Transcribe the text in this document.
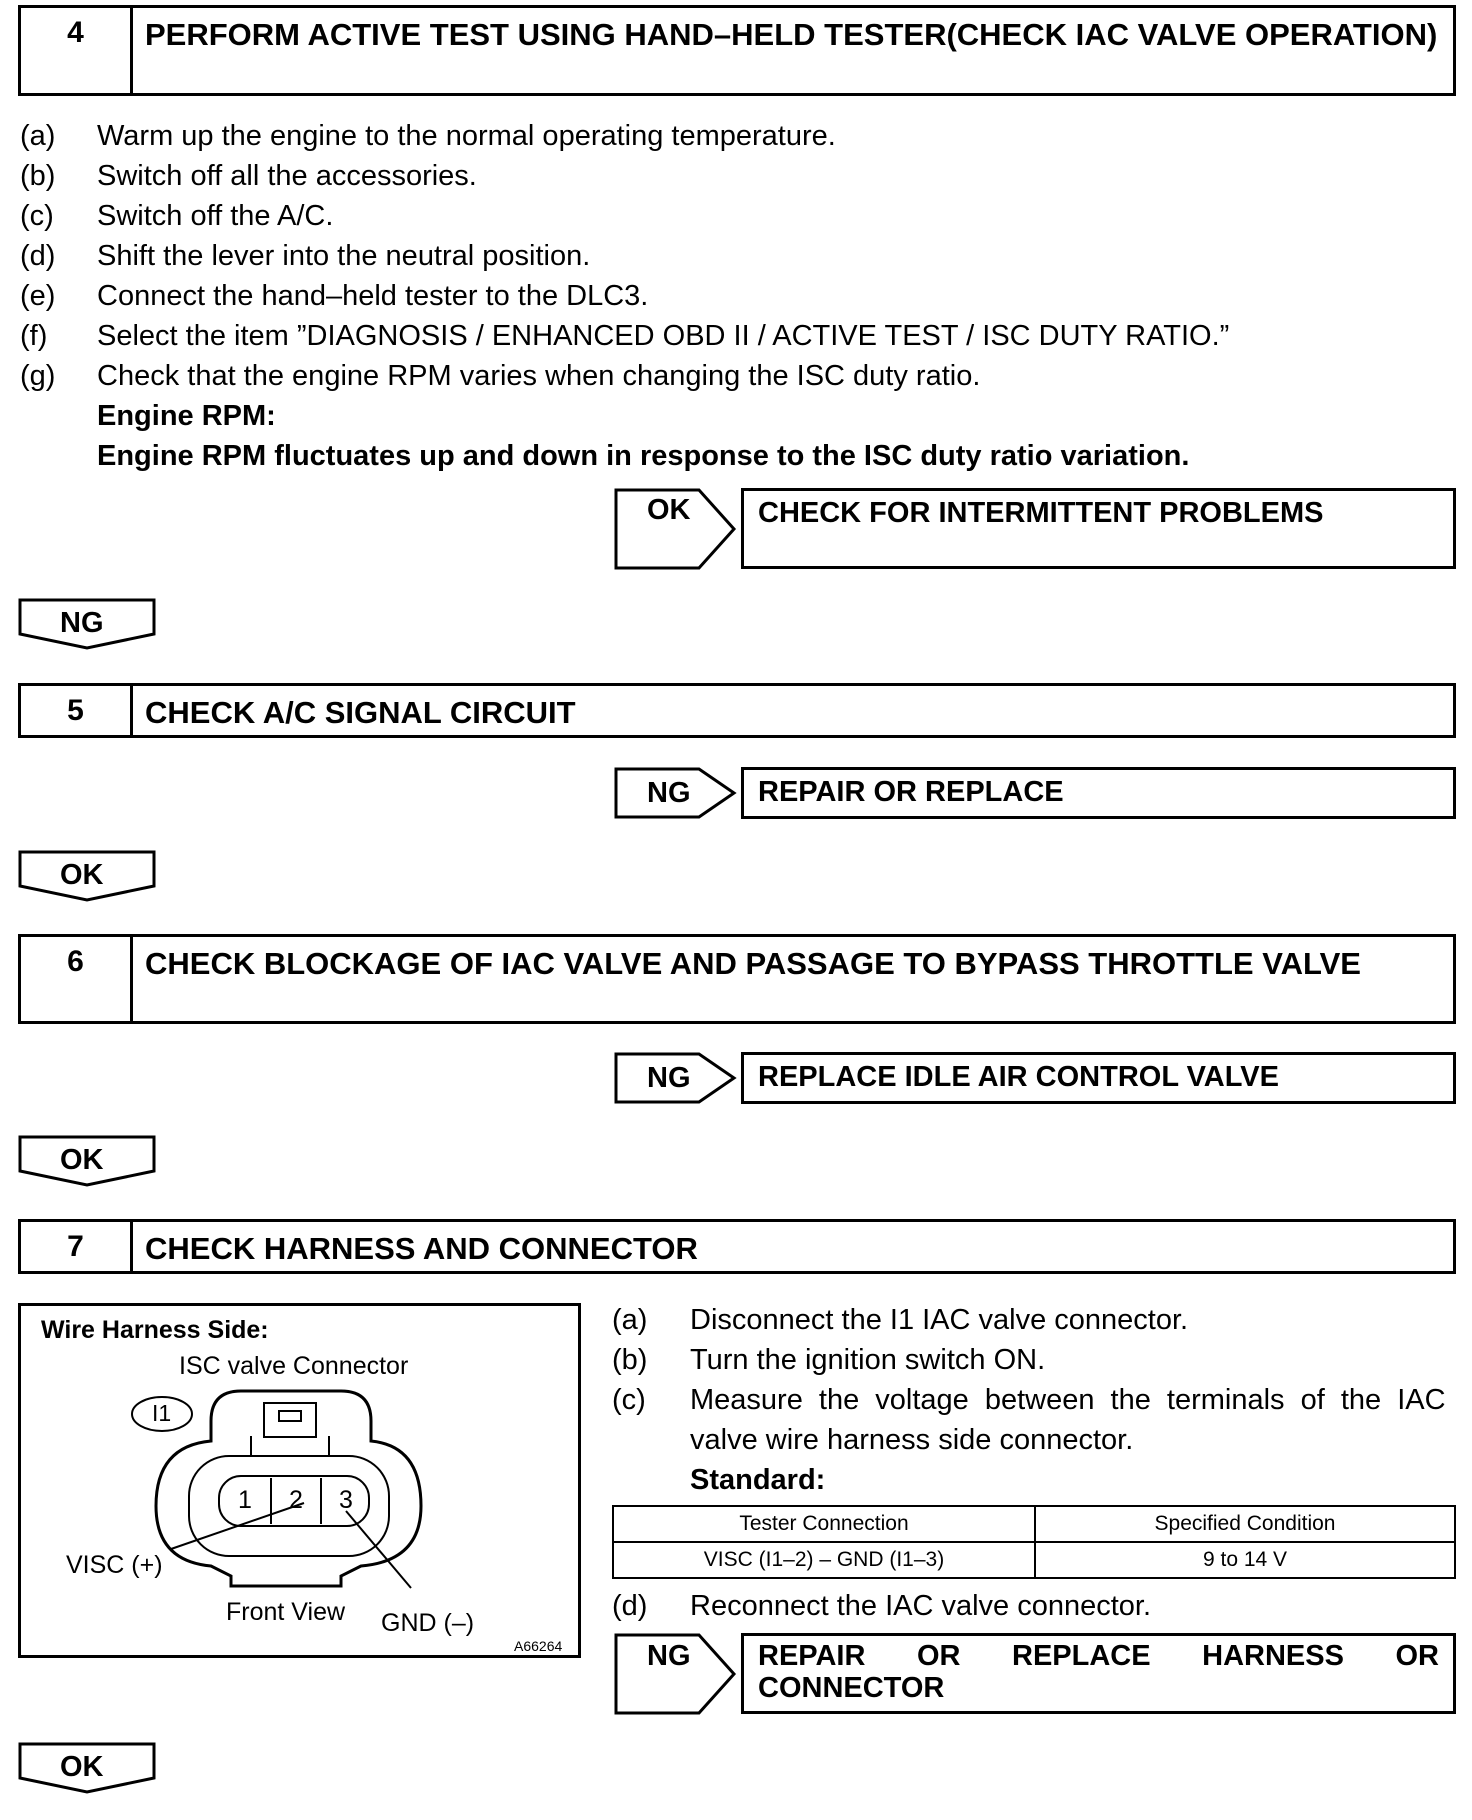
4	PERFORM ACTIVE TEST USING HAND–HELD TESTER(CHECK IAC VALVE OPERATION)
(a) Warm up the engine to the normal operating temperature.
(b) Switch off all the accessories.
(c) Switch off the A/C.
(d) Shift the lever into the neutral position.
(e) Connect the hand–held tester to the DLC3.
(f) Select the item ”DIAGNOSIS / ENHANCED OBD II / ACTIVE TEST / ISC DUTY RATIO.”
(g) Check that the engine RPM varies when changing the ISC duty ratio.
Engine RPM:
Engine RPM fluctuates up and down in response to the ISC duty ratio variation.
OK	CHECK FOR INTERMITTENT PROBLEMS
NG
5	CHECK A/C SIGNAL CIRCUIT
NG	REPAIR OR REPLACE
OK
6	CHECK BLOCKAGE OF IAC VALVE AND PASSAGE TO BYPASS THROTTLE VALVE
NG	REPLACE IDLE AIR CONTROL VALVE
OK
7	CHECK HARNESS AND CONNECTOR
Wire Harness Side:
ISC valve Connector
I1
1 2 3
VISC (+)
Front View GND (–)
A66264
(a) Disconnect the I1 IAC valve connector.
(b) Turn the ignition switch ON.
(c) Measure the voltage between the terminals of the IAC
valve wire harness side connector.
Standard:
Tester Connection	Specified Condition
VISC (I1–2) – GND (I1–3)	9 to 14 V
(d) Reconnect the IAC valve connector.
NG REPAIR OR REPLACE HARNESS OR
CONNECTOR
OK
